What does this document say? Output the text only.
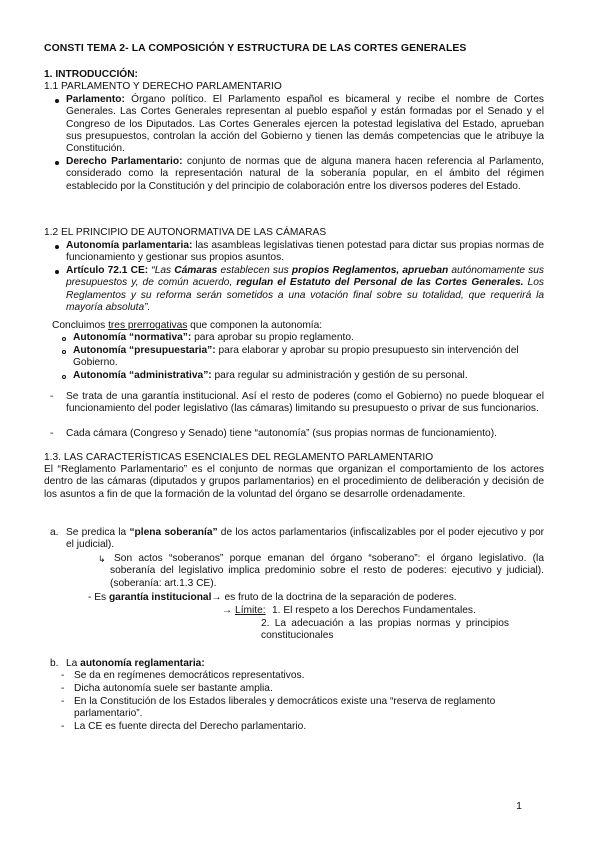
CONSTI TEMA 2- LA COMPOSICIÓN Y ESTRUCTURA DE LAS CORTES GENERALES
1. INTRODUCCIÓN:
1.1 PARLAMENTO Y DERECHO PARLAMENTARIO
Parlamento: Órgano político. El Parlamento español es bicameral y recibe el nombre de Cortes Generales. Las Cortes Generales representan al pueblo español y están formadas por el Senado y el Congreso de los Diputados. Las Cortes Generales ejercen la potestad legislativa del Estado, aprueban sus presupuestos, controlan la acción del Gobierno y tienen las demás competencias que le atribuye la Constitución.
Derecho Parlamentario: conjunto de normas que de alguna manera hacen referencia al Parlamento, considerado como la representación natural de la soberanía popular, en el ámbito del régimen establecido por la Constitución y del principio de colaboración entre los diversos poderes del Estado.
1.2 EL PRINCIPIO DE AUTONORMATIVA DE LAS CÁMARAS
Autonomía parlamentaria: las asambleas legislativas tienen potestad para dictar sus propias normas de funcionamiento y gestionar sus propios asuntos.
Artículo 72.1 CE: “Las Cámaras establecen sus propios Reglamentos, aprueban autónomamente sus presupuestos y, de común acuerdo, regulan el Estatuto del Personal de las Cortes Generales. Los Reglamentos y su reforma serán sometidos a una votación final sobre su totalidad, que requerirá la mayoría absoluta”.
Concluimos tres prerrogativas que componen la autonomía:
Autonomía “normativa”: para aprobar su propio reglamento.
Autonomía “presupuestaria”: para elaborar y aprobar su propio presupuesto sin intervención del Gobierno.
Autonomía “administrativa”: para regular su administración y gestión de su personal.
- Se trata de una garantía institucional. Así el resto de poderes (como el Gobierno) no puede bloquear el funcionamiento del poder legislativo (las cámaras) limitando su presupuesto o privar de sus funcionarios.
- Cada cámara (Congreso y Senado) tiene “autonomía” (sus propias normas de funcionamiento).
1.3. LAS CARACTERÍSTICAS ESENCIALES DEL REGLAMENTO PARLAMENTARIO
El “Reglamento Parlamentario” es el conjunto de normas que organizan el comportamiento de los actores dentro de las cámaras (diputados y grupos parlamentarios) en el procedimiento de deliberación y decisión de los asuntos a fin de que la formación de la voluntad del órgano se desarrolle ordenadamente.
a. Se predica la “plena soberanía” de los actos parlamentarios (infiscalizables por el poder ejecutivo y por el judicial).
↳ Son actos “soberanos” porque emanan del órgano “soberano”: el órgano legislativo. (la soberanía del legislativo implica predominio sobre el resto de poderes: ejecutivo y judicial). (soberanía: art.1.3 CE).
- Es garantía institucional→ es fruto de la doctrina de la separación de poderes.
→ Límite: 1. El respeto a los Derechos Fundamentales.
2. La adecuación a las propias normas y principios constitucionales
b. La autonomía reglamentaria:
- Se da en regímenes democráticos representativos.
- Dicha autonomía suele ser bastante amplia.
- En la Constitución de los Estados liberales y democráticos existe una “reserva de reglamento parlamentario”.
- La CE es fuente directa del Derecho parlamentario.
1
